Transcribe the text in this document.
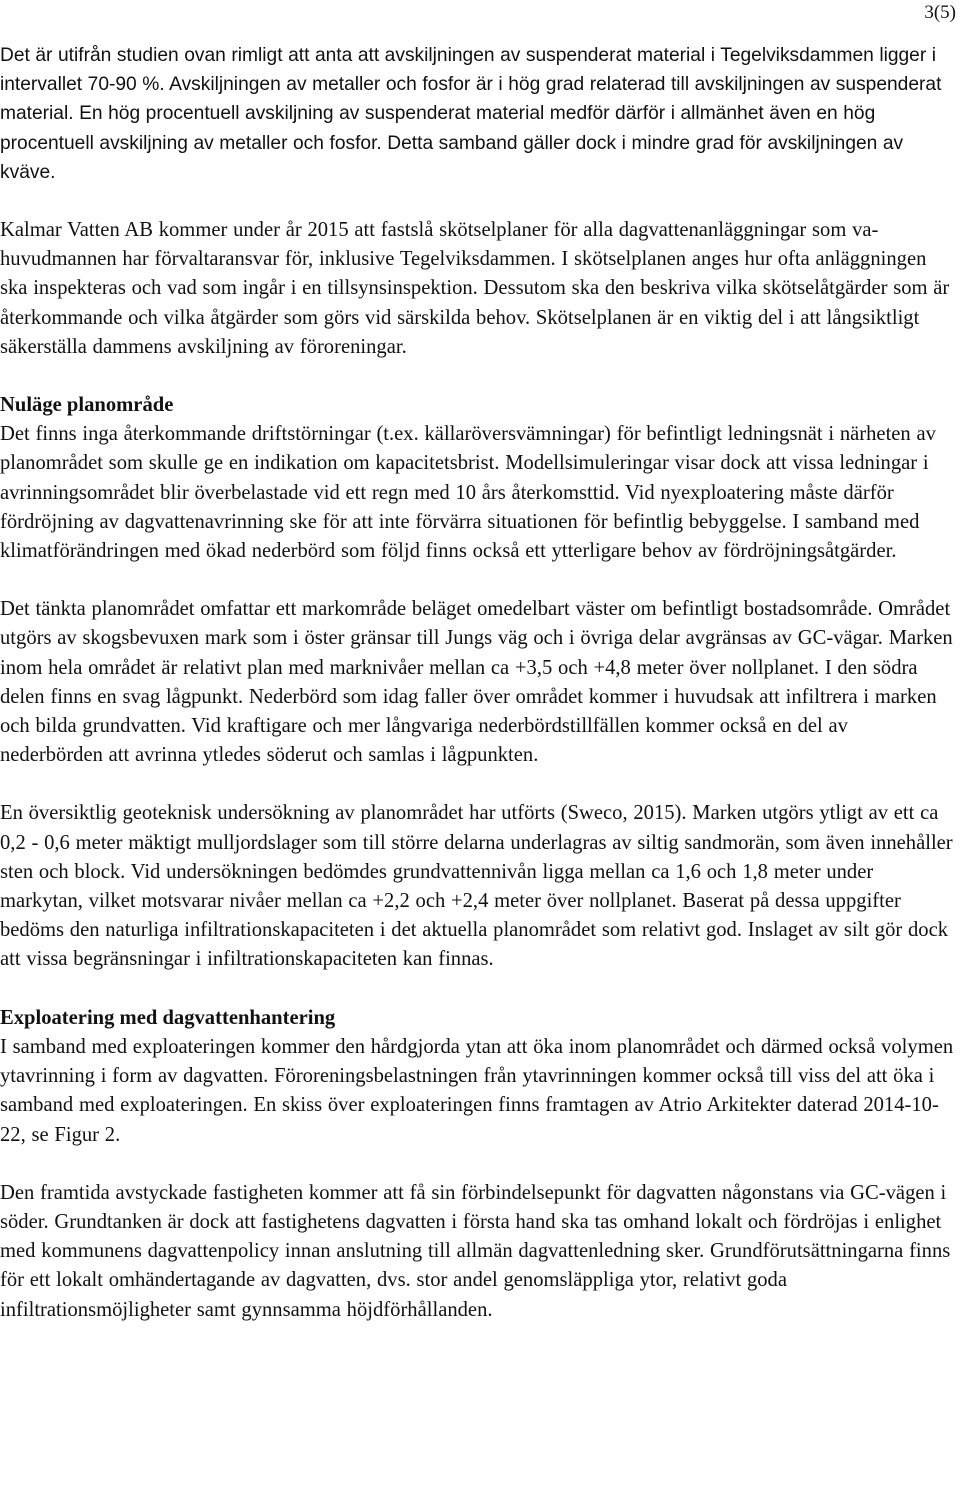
3(5)

Det är utifrån studien ovan rimligt att anta att avskiljningen av suspenderat material i Tegelviksdammen ligger i intervallet 70-90 %. Avskiljningen av metaller och fosfor är i hög grad relaterad till avskiljningen av suspenderat material. En hög procentuell avskiljning av suspenderat material medför därför i allmänhet även en hög procentuell avskiljning av metaller och fosfor. Detta samband gäller dock i mindre grad för avskiljningen av kväve.

Kalmar Vatten AB kommer under år 2015 att fastslå skötselplaner för alla dagvattenanläggningar som va-huvudmannen har förvaltaransvar för, inklusive Tegelviksdammen. I skötselplanen anges hur ofta anläggningen ska inspekteras och vad som ingår i en tillsynsinspektion. Dessutom ska den beskriva vilka skötselåtgärder som är återkommande och vilka åtgärder som görs vid särskilda behov. Skötselplanen är en viktig del i att långsiktligt säkerställa dammens avskiljning av föroreningar.

Nuläge planområde

Det finns inga återkommande driftstörningar (t.ex. källaröversvämningar) för befintligt ledningsnät i närheten av planområdet som skulle ge en indikation om kapacitetsbrist. Modellsimuleringar visar dock att vissa ledningar i avrinningsområdet blir överbelastade vid ett regn med 10 års återkomsttid. Vid nyexploatering måste därför fördröjning av dagvattenavrinning ske för att inte förvärra situationen för befintlig bebyggelse. I samband med klimatförändringen med ökad nederbörd som följd finns också ett ytterligare behov av fördröjningsåtgärder.

Det tänkta planområdet omfattar ett markområde beläget omedelbart väster om befintligt bostadsområde. Området utgörs av skogsbevuxen mark som i öster gränsar till Jungs väg och i övriga delar avgränsas av GC-vägar. Marken inom hela området är relativt plan med marknivåer mellan ca +3,5 och +4,8 meter över nollplanet. I den södra delen finns en svag lågpunkt. Nederbörd som idag faller över området kommer i huvudsak att infiltrera i marken och bilda grundvatten. Vid kraftigare och mer långvariga nederbördstillfällen kommer också en del av nederbörden att avrinna ytledes söderut och samlas i lågpunkten.

En översiktlig geoteknisk undersökning av planområdet har utförts (Sweco, 2015). Marken utgörs ytligt av ett ca 0,2 - 0,6 meter mäktigt mulljordslager som till större delarna underlagras av siltig sandmorän, som även innehåller sten och block. Vid undersökningen bedömdes grundvattennivån ligga mellan ca 1,6 och 1,8 meter under markytan, vilket motsvarar nivåer mellan ca +2,2 och +2,4 meter över nollplanet. Baserat på dessa uppgifter bedöms den naturliga infiltrationskapaciteten i det aktuella planområdet som relativt god. Inslaget av silt gör dock att vissa begränsningar i infiltrationskapaciteten kan finnas.

Exploatering med dagvattenhantering

I samband med exploateringen kommer den hårdgjorda ytan att öka inom planområdet och därmed också volymen ytavrinning i form av dagvatten. Föroreningsbelastningen från ytavrinningen kommer också till viss del att öka i samband med exploateringen. En skiss över exploateringen finns framtagen av Atrio Arkitekter daterad 2014-10-22, se Figur 2.

Den framtida avstyckade fastigheten kommer att få sin förbindelsepunkt för dagvatten någonstans via GC-vägen i söder. Grundtanken är dock att fastighetens dagvatten i första hand ska tas omhand lokalt och fördröjas i enlighet med kommunens dagvattenpolicy innan anslutning till allmän dagvattenledning sker. Grundförutsättningarna finns för ett lokalt omhändertagande av dagvatten, dvs. stor andel genomsläppliga ytor, relativt goda infiltrationsmöjligheter samt gynnsamma höjdförhållanden.
